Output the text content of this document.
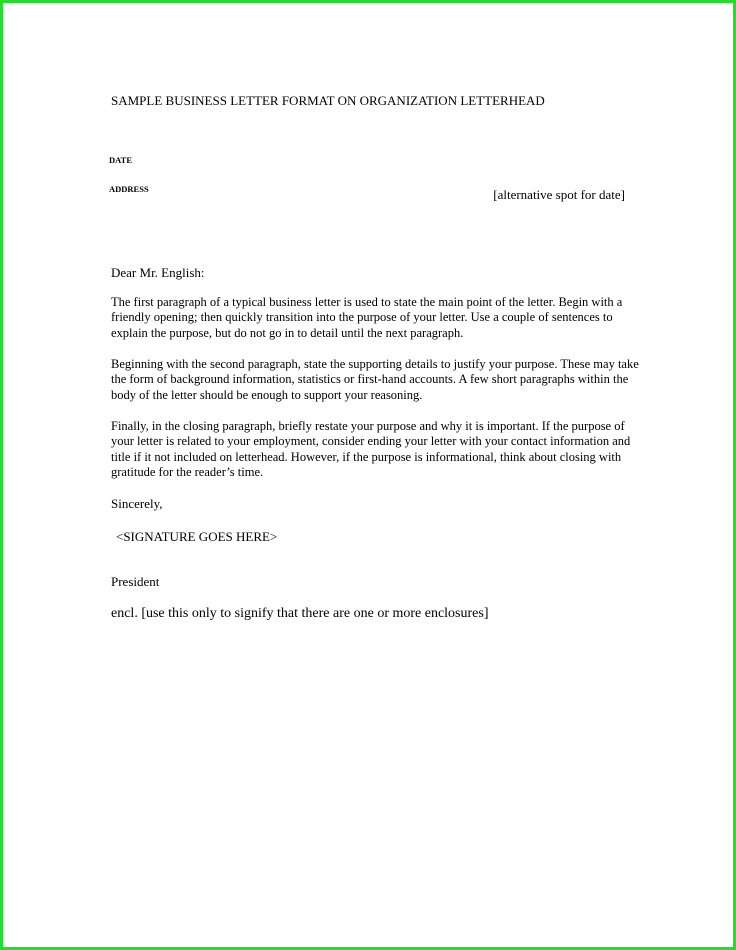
SAMPLE BUSINESS LETTER FORMAT ON ORGANIZATION LETTERHEAD

DATE

ADDRESS	[alternative spot for date]

Dear Mr. English:

The first paragraph of a typical business letter is used to state the main point of the letter. Begin with a friendly opening; then quickly transition into the purpose of your letter. Use a couple of sentences to explain the purpose, but do not go in to detail until the next paragraph.

Beginning with the second paragraph, state the supporting details to justify your purpose. These may take the form of background information, statistics or first-hand accounts. A few short paragraphs within the body of the letter should be enough to support your reasoning.

Finally, in the closing paragraph, briefly restate your purpose and why it is important. If the purpose of your letter is related to your employment, consider ending your letter with your contact information and title if it not included on letterhead. However, if the purpose is informational, think about closing with gratitude for the reader’s time.

Sincerely,

<SIGNATURE GOES HERE>

President

encl. [use this only to signify that there are one or more enclosures]
